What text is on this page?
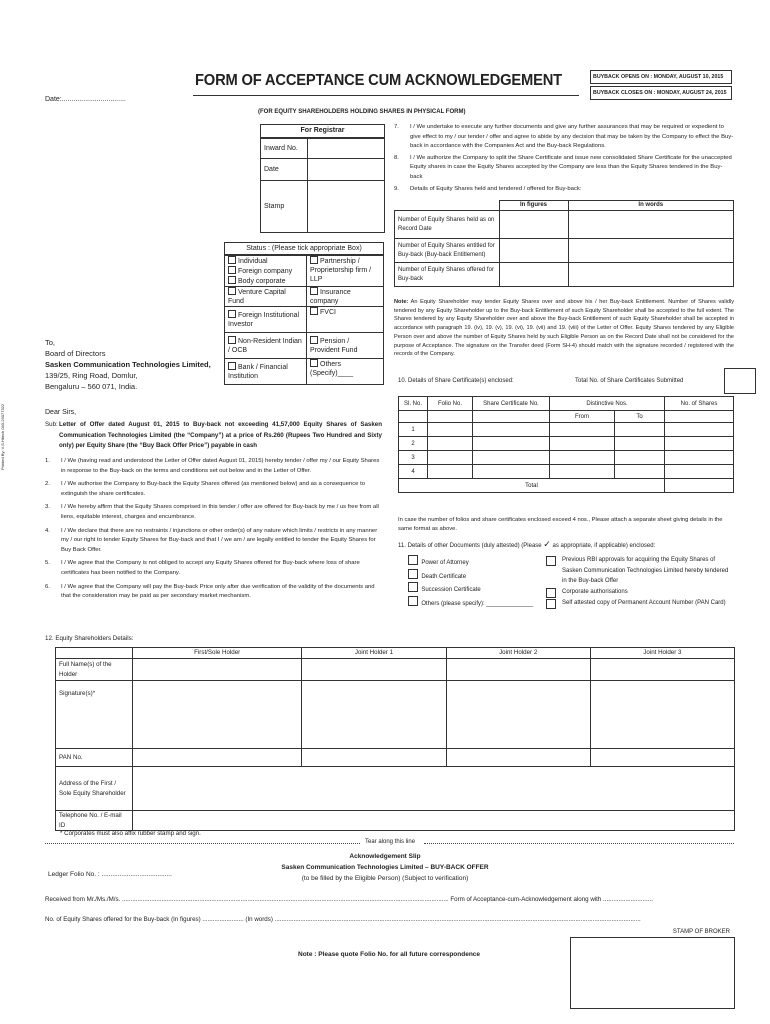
FORM OF ACCEPTANCE CUM ACKNOWLEDGEMENT	BUYBACK OPENS ON : MONDAY, AUGUST 10, 2015
BUYBACK CLOSES ON : MONDAY, AUGUST 24, 2015
Date:.................................
(FOR EQUITY SHAREHOLDERS HOLDING SHARES IN PHYSICAL FORM)
Printed By: V.S.Hitech 040-23077322
For Registrar
Inward No.	
Date	
Stamp	
Status : (Please tick appropriate Box)
Individual
Foreign company
Body corporate	Partnership / Proprietorship firm / LLP

Venture Capital Fund	Insurance company

Foreign Institutional Investor	FVCI

Non-Resident Indian / OCB	Pension / Provident Fund

Bank / Financial Institution	Others (Specify)____
To,
Board of Directors
Sasken Communication Technologies Limited,
139/25, Ring Road, Domlur,
Bengaluru – 560 071, India.
Dear Sirs,
Sub: Letter of Offer dated August 01, 2015 to Buy-back not exceeding 41,57,000 Equity Shares of Sasken Communication Technologies Limited (the “Company”) at a price of Rs.260 (Rupees Two Hundred and Sixty only) per Equity Share (the “Buy Back Offer Price”) payable in cash
1.	I / We (having read and understood the Letter of Offer dated August 01, 2015) hereby tender / offer my / our Equity Shares in response to the Buy-back on the terms and conditions set out below and in the Letter of Offer.
2.	I / We authorise the Company to Buy-back the Equity Shares offered (as mentioned below) and as a consequence to extinguish the share certificates.
3.	I / We hereby affirm that the Equity Shares comprised in this tender / offer are offered for Buy-back by me / us free from all liens, equitable interest, charges and encumbrance.
4.	I / We declare that there are no restraints / injunctions or other order(s) of any nature which limits / restricts in any manner my / our right to tender Equity Shares for Buy-back and that I / we am / are legally entitled to tender the Equity Shares for Buy Back Offer.
5.	I / We agree that the Company is not obliged to accept any Equity Shares offered for Buy-back where loss of share certificates has been notified to the Company.
6.	I / We agree that the Company will pay the Buy-back Price only after due verification of the validity of the documents and that the consideration may be paid as per secondary market mechanism.
7.	I / We undertake to execute any further documents and give any further assurances that may be required or expedient to give effect to my / our tender / offer and agree to abide by any decision that may be taken by the Company to effect the Buy-back in accordance with the Companies Act and the Buy-back Regulations.
8.	I / We authorize the Company to split the Share Certificate and issue new consolidated Share Certificate for the unaccepted Equity shares in case the Equity Shares accepted by the Company are less than the Equity Shares tendered in the Buy-back
9.	Details of Equity Shares held and tendered / offered for Buy-back:
	In figures	In words
Number of Equity Shares held as on Record Date		
Number of Equity Shares entitled for Buy-back (Buy-back Entitlement)		
Number of Equity Shares offered for Buy-back		
Note: An Equity Shareholder may tender Equity Shares over and above his / her Buy-back Entitlement. Number of Shares validly tendered by any Equity Shareholder up to the Buy-back Entitlement of such Equity Shareholder shall be accepted to the full extent. The Shares tendered by any Equity Shareholder over and above the Buy-back Entitlement of such Equity Shareholder shall be accepted in accordance with paragraph 19. (iv), 19. (v), 19. (vi), 19. (vii) and 19. (viii) of the Letter of Offer. Equity Shares tendered by any Eligible Person over and above the number of Equity Shares held by such Eligible Person as on the Record Date shall not be considered for the purpose of Acceptance. The signature on the Transfer deed (Form SH-4) should match with the signature recorded / registered with the records of the Company.
10. Details of Share Certificate(s) enclosed:	Total No. of Share Certificates Submitted
Sl. No.	Folio No.	Share Certificate No.	Distinctive Nos.		No. of Shares
			From	To	
1					
2					
3					
4					
Total					
In case the number of folios and share certificates enclosed exceed 4 nos., Please attach a separate sheet giving details in the same format as above.
11. Details of other Documents (duly attested) (Please ✓ as appropriate, if applicable) enclosed:
Power of Attorney
Death Certificate
Succession Certificate
Others (please specify): ______________
Previous RBI approvals for acquiring the Equity Shares of Sasken Communication Technologies Limited hereby tendered in the Buy-back Offer
Corporate authorisations
Self attested copy of Permanent Account Number (PAN Card)
12. Equity Shareholders Details:
	First/Sole Holder	Joint Holder 1	Joint Holder 2	Joint Holder 3
Full Name(s) of the Holder				
Signature(s)*				
PAN No.				
Address of the First / Sole Equity Shareholder				
Telephone No. / E-mail ID				
* Corporates must also affix rubber stamp and sign.
Tear along this line
Acknowledgement Slip
Sasken Communication Technologies Limited – BUY-BACK OFFER
(to be filled by the Eligible Person) (Subject to verification)
Ledger Folio No. : .......................................
Received from Mr./Ms./M/s. .............................................................................................................................................................................................. Form of Acceptance-cum-Acknowledgement along with .............................
No. of Equity Shares offered for the Buy-back (In figures) ........................ (In words) .....................................................................................................................................................................................................................
STAMP OF BROKER
Note : Please quote Folio No. for all future correspondence
